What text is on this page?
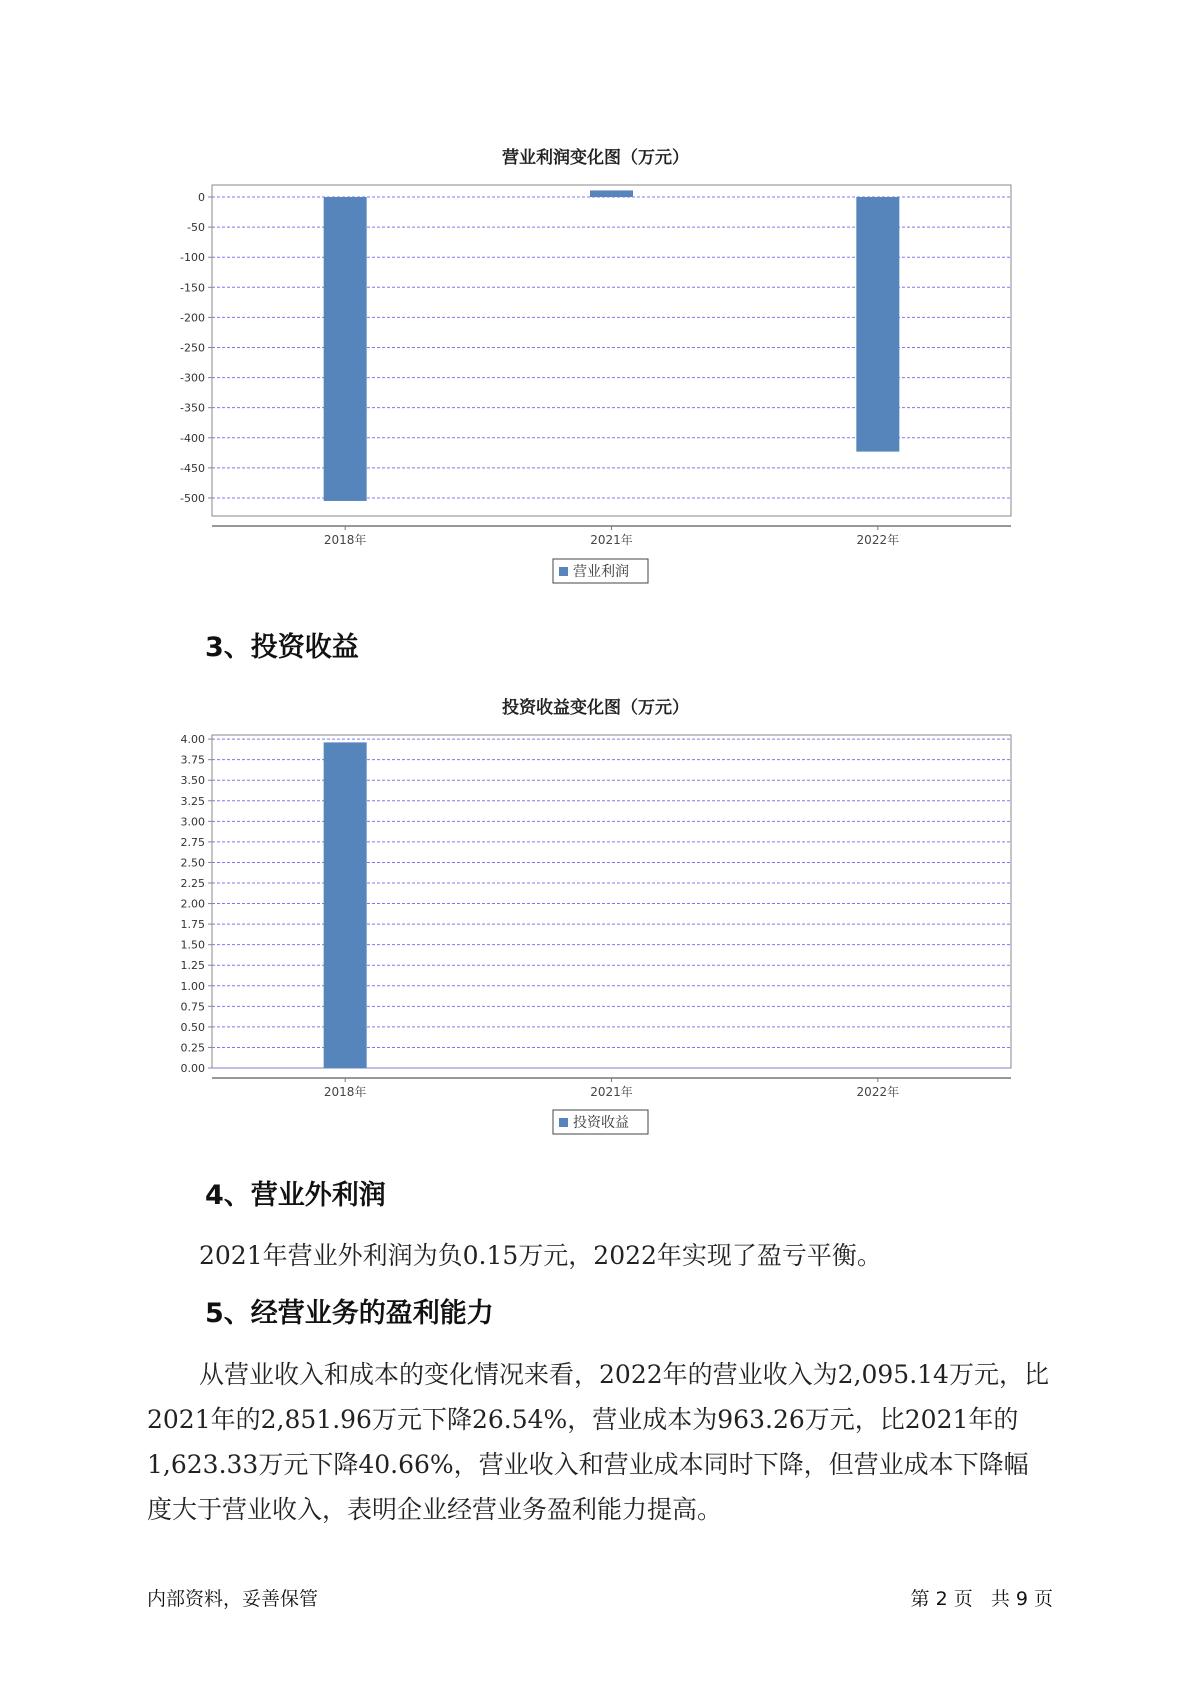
营业利润变化图（万元）
0
-50
-100
-150
-200
-250
-300
-350
-400
-450
-500
2018年	2021年	2022年
营业利润
3、投资收益
投资收益变化图（万元）
0.00
0.25
0.50
0.75
1.00
1.25
1.50
1.75
2.00
2.25
2.50
2.75
3.00
3.25
3.50
3.75
4.00
2018年	2021年	2022年
投资收益
4、营业外利润
2021年营业外利润为负0.15万元，2022年实现了盈亏平衡。
5、经营业务的盈利能力
从营业收入和成本的变化情况来看，2022年的营业收入为2,095.14万元，比2021年的2,851.96万元下降26.54%，营业成本为963.26万元，比2021年的1,623.33万元下降40.66%，营业收入和营业成本同时下降，但营业成本下降幅度大于营业收入，表明企业经营业务盈利能力提高。
内部资料，妥善保管	第 2 页   共 9 页
